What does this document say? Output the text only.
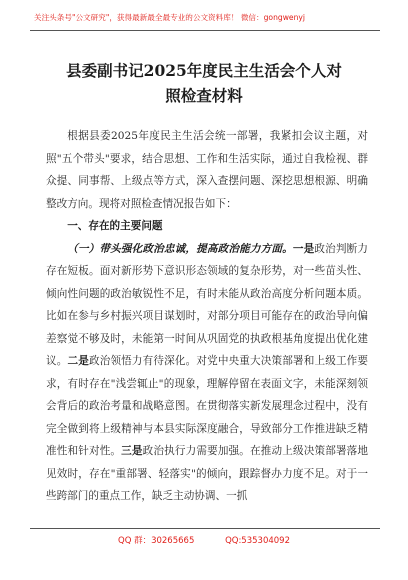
关注头条号"公文研究"，获得最新最全最专业的公文资料库！ 微信：gongwenyj
县委副书记2025年度民主生活会个人对
照检查材料

根据县委2025年度民主生活会统一部署，我紧扣会议主题，对照"五个带头"要求，结合思想、工作和生活实际，通过自我检视、群众提、同事帮、上级点等方式，深入查摆问题、深挖思想根源、明确整改方向。现将对照检查情况报告如下：

一、存在的主要问题

（一）带头强化政治忠诚，提高政治能力方面。一是政治判断力存在短板。面对新形势下意识形态领域的复杂形势，对一些苗头性、倾向性问题的政治敏锐性不足，有时未能从政治高度分析问题本质。比如在参与乡村振兴项目谋划时，对部分项目可能存在的政治导向偏差察觉不够及时，未能第一时间从巩固党的执政根基角度提出优化建议。二是政治领悟力有待深化。对党中央重大决策部署和上级工作要求，有时存在"浅尝辄止"的现象，理解停留在表面文字，未能深刻领会背后的政治考量和战略意图。在贯彻落实新发展理念过程中，没有完全做到将上级精神与本县实际深度融合，导致部分工作推进缺乏精准性和针对性。三是政治执行力需要加强。在推动上级决策部署落地见效时，存在"重部署、轻落实"的倾向，跟踪督办力度不足。对于一些跨部门的重点工作，缺乏主动协调、一抓

QQ 群：30265665	QQ:535304092
